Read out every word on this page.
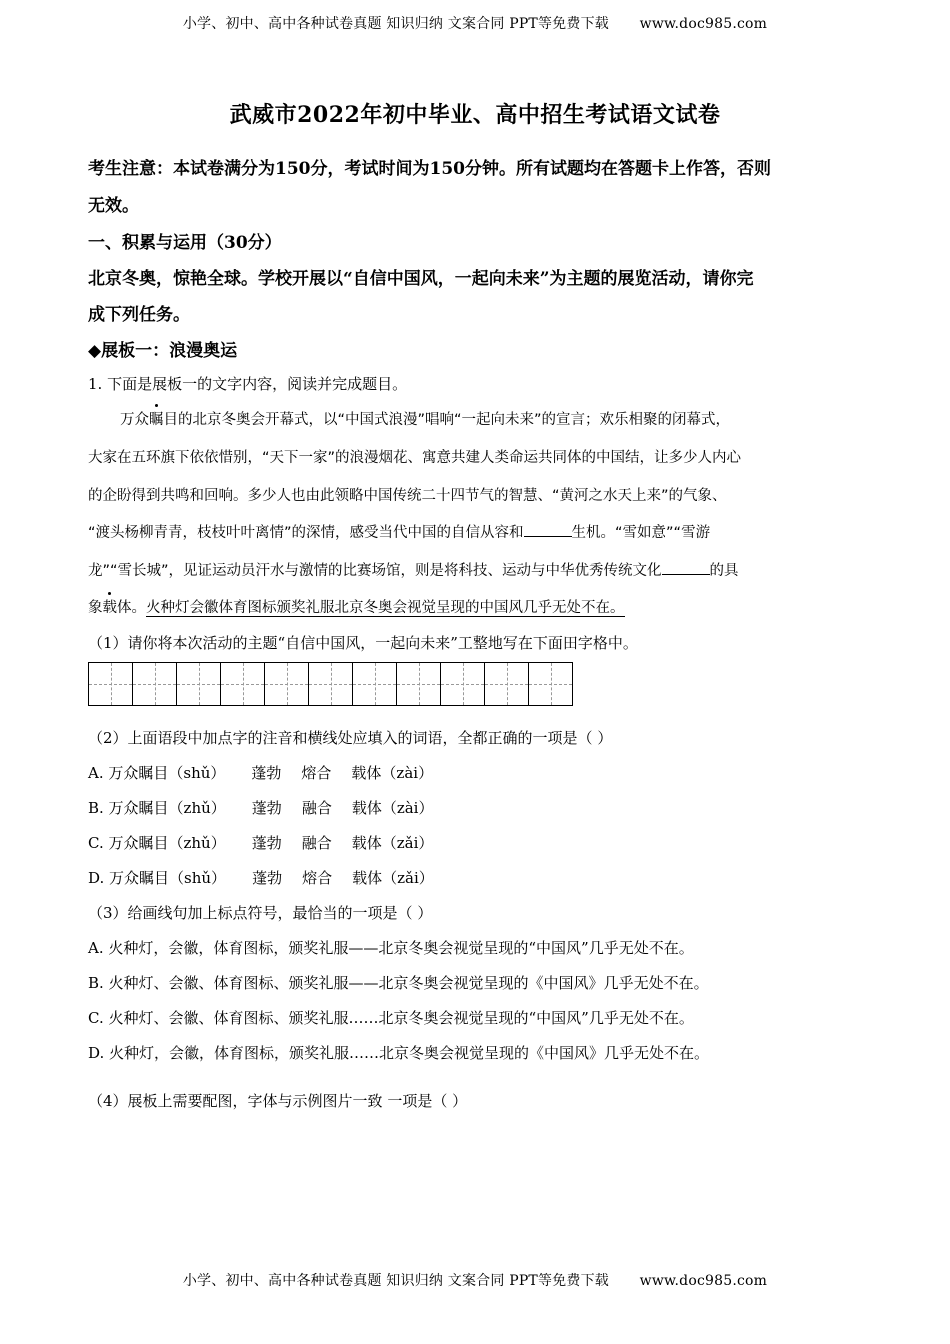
小学、初中、高中各种试卷真题 知识归纳 文案合同 PPT等免费下载 www.doc985.com
武威市2022年初中毕业、高中招生考试语文试卷
考生注意：本试卷满分为150分，考试时间为150分钟。所有试题均在答题卡上作答，否则
无效。
一、积累与运用（30分）
北京冬奥，惊艳全球。学校开展以“自信中国风，一起向未来”为主题的展览活动，请你完
成下列任务。
◆展板一：浪漫奥运
1. 下面是展板一的文字内容，阅读并完成题目。
万众瞩目的北京冬奥会开幕式，以“中国式浪漫”唱响“一起向未来”的宣言；欢乐相聚的闭幕式，
大家在五环旗下依依惜别，“天下一家”的浪漫烟花、寓意共建人类命运共同体的中国结，让多少人内心
的企盼得到共鸣和回响。多少人也由此领略中国传统二十四节气的智慧、“黄河之水天上来”的气象、
“渡头杨柳青青，枝枝叶叶离情”的深情，感受当代中国的自信从容和	生机。“雪如意”“雪游
龙”“雪长城”，见证运动员汗水与激情的比赛场馆，则是将科技、运动与中华优秀传统文化	的具
象载体。火种灯会徽体育图标颁奖礼服北京冬奥会视觉呈现的中国风几乎无处不在。
（1）请你将本次活动的主题“自信中国风，一起向未来”工整地写在下面田字格中。
（2）上面语段中加点字的注音和横线处应填入的词语，全都正确的一项是（ ）
A. 万众瞩目（shǔ） 蓬勃 熔合 载体（zài）
B. 万众瞩目（zhǔ） 蓬勃 融合 载体（zài）
C. 万众瞩目（zhǔ） 蓬勃 融合 载体（zǎi）
D. 万众瞩目（shǔ） 蓬勃 熔合 载体（zǎi）
（3）给画线句加上标点符号，最恰当的一项是（ ）
A. 火种灯，会徽，体育图标，颁奖礼服——北京冬奥会视觉呈现的“中国风”几乎无处不在。
B. 火种灯、会徽、体育图标、颁奖礼服——北京冬奥会视觉呈现的《中国风》几乎无处不在。
C. 火种灯、会徽、体育图标、颁奖礼服……北京冬奥会视觉呈现的“中国风”几乎无处不在。
D. 火种灯，会徽，体育图标，颁奖礼服……北京冬奥会视觉呈现的《中国风》几乎无处不在。
（4）展板上需要配图，字体与示例图片一致 一项是（ ）
小学、初中、高中各种试卷真题 知识归纳 文案合同 PPT等免费下载 www.doc985.com
